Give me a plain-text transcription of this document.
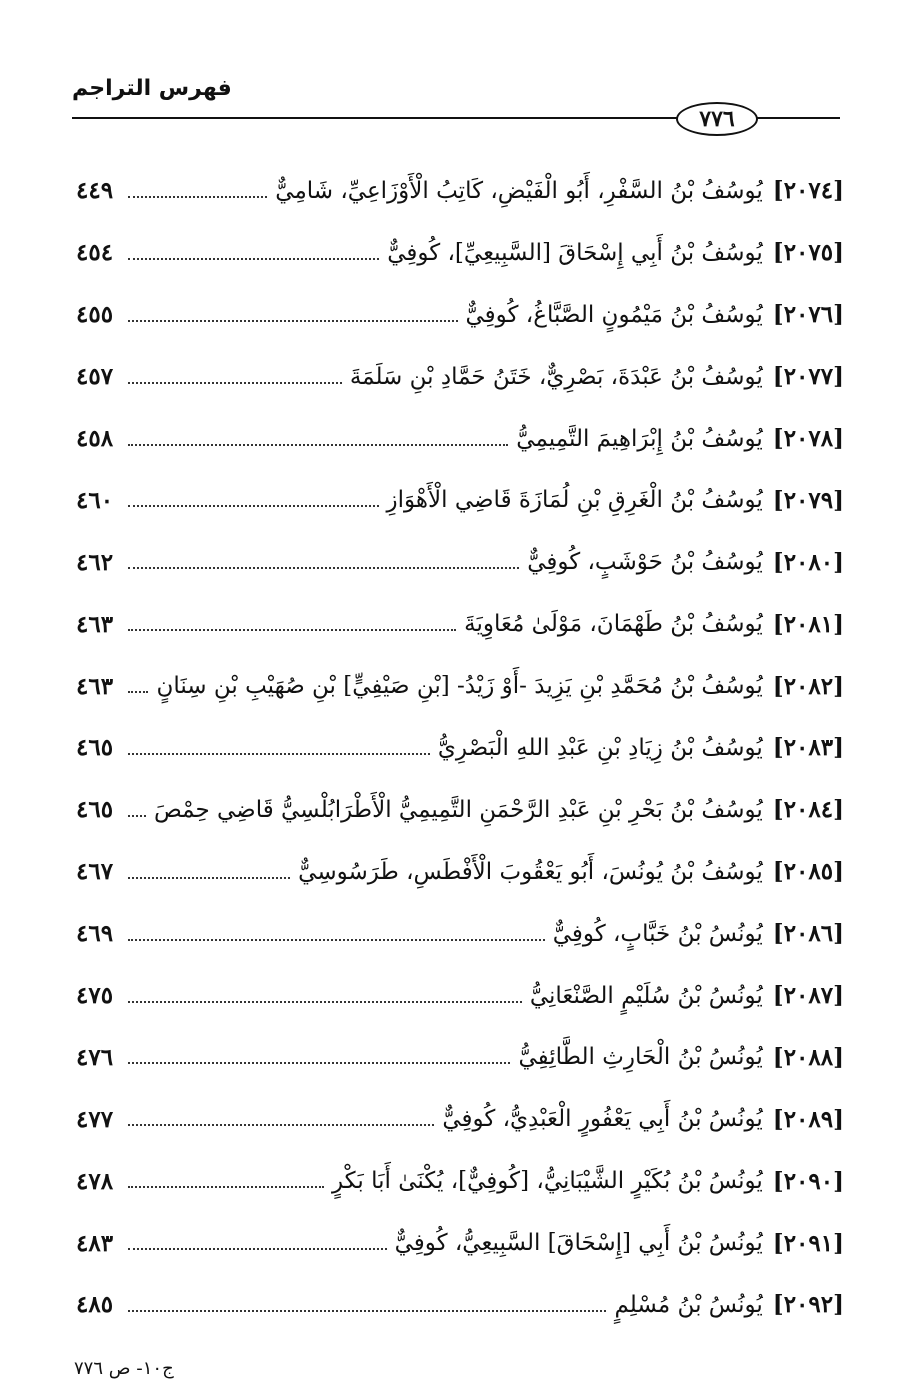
فهرس التراجم
٧٧٦
[٢٠٧٤]
يُوسُفُ بْنُ السَّفْرِ، أَبُو الْفَيْضِ، كَاتِبُ الْأَوْزَاعِيِّ، شَامِيٌّ
٤٤٩
[٢٠٧٥]
يُوسُفُ بْنُ أَبِي إِسْحَاقَ [السَّبِيعِيِّ]، كُوفِيٌّ
٤٥٤
[٢٠٧٦]
يُوسُفُ بْنُ مَيْمُونٍ الصَّبَّاغُ، كُوفِيٌّ
٤٥٥
[٢٠٧٧]
يُوسُفُ بْنُ عَبْدَةَ، بَصْرِيٌّ، خَتَنُ حَمَّادِ بْنِ سَلَمَةَ
٤٥٧
[٢٠٧٨]
يُوسُفُ بْنُ إِبْرَاهِيمَ التَّمِيمِيُّ
٤٥٨
[٢٠٧٩]
يُوسُفُ بْنُ الْغَرِقِ بْنِ لُمَازَةَ قَاضِي الْأَهْوَازِ
٤٦٠
[٢٠٨٠]
يُوسُفُ بْنُ حَوْشَبٍ، كُوفِيٌّ
٤٦٢
[٢٠٨١]
يُوسُفُ بْنُ طَهْمَانَ، مَوْلَىٰ مُعَاوِيَةَ
٤٦٣
[٢٠٨٢]
يُوسُفُ بْنُ مُحَمَّدِ بْنِ يَزِيدَ -أَوْ زَيْدُ- [بْنِ صَيْفِيٍّ] بْنِ صُهَيْبِ بْنِ سِنَانٍ
٤٦٣
[٢٠٨٣]
يُوسُفُ بْنُ زِيَادِ بْنِ عَبْدِ اللهِ الْبَصْرِيُّ
٤٦٥
[٢٠٨٤]
يُوسُفُ بْنُ بَحْرِ بْنِ عَبْدِ الرَّحْمَنِ التَّمِيمِيُّ الْأَطْرَابُلْسِيُّ قَاضِي حِمْصَ
٤٦٥
[٢٠٨٥]
يُوسُفُ بْنُ يُونُسَ، أَبُو يَعْقُوبَ الْأَفْطَسِ، طَرَسُوسِيٌّ
٤٦٧
[٢٠٨٦]
يُونُسُ بْنُ خَبَّابٍ، كُوفِيٌّ
٤٦٩
[٢٠٨٧]
يُونُسُ بْنُ سُلَيْمٍ الصَّنْعَانِيُّ
٤٧٥
[٢٠٨٨]
يُونُسُ بْنُ الْحَارِثِ الطَّائِفِيُّ
٤٧٦
[٢٠٨٩]
يُونُسُ بْنُ أَبِي يَعْفُورٍ الْعَبْدِيُّ، كُوفِيٌّ
٤٧٧
[٢٠٩٠]
يُونُسُ بْنُ بُكَيْرٍ الشَّيْبَانِيُّ، [كُوفِيٌّ]، يُكْنَىٰ أَبَا بَكْرٍ
٤٧٨
[٢٠٩١]
يُونُسُ بْنُ أَبِي [إِسْحَاقَ] السَّبِيعِيُّ، كُوفِيٌّ
٤٨٣
[٢٠٩٢]
يُونُسُ بْنُ مُسْلِمٍ
٤٨٥
ج١٠- ص ٧٧٦
